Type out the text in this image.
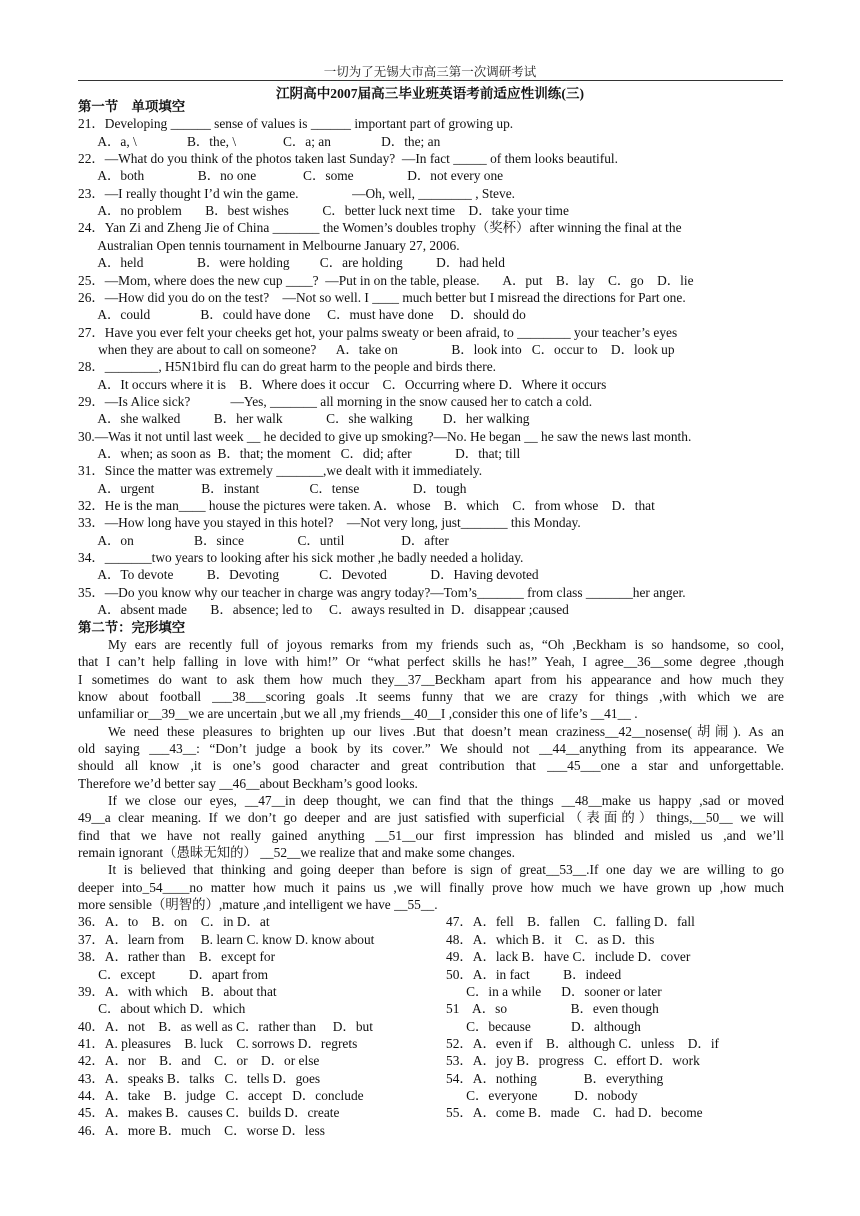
一切为了无锡大市高三第一次调研考试
江阴高中2007届高三毕业班英语考前适应性训练(三)
第一节　单项填空
21．Developing ______ sense of values is ______ important part of growing up.
A．a, \               B．the, \              C．a; an               D．the; an
22．—What do you think of the photos taken last Sunday?  —In fact _____ of them looks beautiful.
A．both                B．no one              C．some                D．not every one
23．—I really thought I’d win the game.                —Oh, well, ________ , Steve.
A．no problem       B．best wishes          C．better luck next time    D．take your time
24．Yan Zi and Zheng Jie of China _______ the Women’s doubles trophy（奖杯）after winning the final at the
Australian Open tennis tournament in Melbourne January 27, 2006.
A．held                B．were holding         C．are holding          D．had held
25．—Mom, where does the new cup ____?  —Put in on the table, please.       A．put    B．lay    C．go    D．lie
26．—How did you do on the test?    —Not so well. I ____ much better but I misread the directions for Part one.
A．could               B．could have done     C．must have done     D．should do
27．Have you ever felt your cheeks get hot, your palms sweaty or been afraid, to ________ your teacher’s eyes
when they are about to call on someone?      A．take on                B．look into   C．occur to    D．look up
28．________, H5N1bird flu can do great harm to the people and birds there.
A．It occurs where it is    B．Where does it occur    C．Occurring where D．Where it occurs
29．—Is Alice sick?            —Yes, _______ all morning in the snow caused her to catch a cold.
A．she walked          B．her walk             C．she walking         D．her walking
30.—Was it not until last week __ he decided to give up smoking?—No. He began __ he saw the news last month.
A．when; as soon as  B．that; the moment   C．did; after             D．that; till
31．Since the matter was extremely _______,we dealt with it immediately.
A．urgent              B．instant               C．tense                D．tough
32．He is the man____ house the pictures were taken. A．whose    B．which    C．from whose    D．that
33．—How long have you stayed in this hotel?    —Not very long, just_______ this Monday.
A．on                  B．since                C．until                 D．after
34．_______two years to looking after his sick mother ,he badly needed a holiday.
A．To devote          B．Devoting            C．Devoted             D．Having devoted
35．—Do you know why our teacher in charge was angry today?—Tom’s_______ from class _______her anger.
A．absent made       B．absence; led to     C．aways resulted in  D．disappear ;caused
第二节：完形填空
My ears are recently full of joyous remarks from my friends such as, “Oh ,Beckham is so handsome, so cool,
that I can’t help falling in love with him!” Or “what perfect skills he has!” Yeah, I agree__36__some degree ,though
I sometimes do want to ask them how much they__37__Beckham apart from his appearance and how much they
know about football ___38___scoring goals .It seems funny that we are crazy for things ,with which we are
unfamiliar or__39__we are uncertain ,but we all ,my friends__40__I ,consider this one of life’s __41__ .
We need these pleasures to brighten up our lives .But that doesn’t mean craziness__42__nosense(胡闹). As an
old saying ___43__: “Don’t judge a book by its cover.” We should not __44__anything from its appearance. We
should all know ,it is one’s good character and great contribution that ___45___one a star and unforgettable.
Therefore we’d better say __46__about Beckham’s good looks.
If we close our eyes, __47__in deep thought, we can find that the things __48__make us happy ,sad or moved
49__a clear meaning. If we don’t go deeper and are just satisfied with superficial（表面的）things,__50__ we will
find that we have not really gained anything __51__our first impression has blinded and misled us ,and we’ll
remain ignorant（愚昧无知的） __52__we realize that and make some changes.
It is believed that thinking and going deeper than before is sign of great__53__.If one day we are willing to go
deeper into_54____no matter how much it pains us ,we will finally prove how much we have grown up ,how much
more sensible（明智的）,mature ,and intelligent we have __55__.
36．A．to    B．on    C．in D．at
37．A．learn from     B. learn C. know D. know about
38．A．rather than    B．except for
C．except          D．apart from
39．A．with which    B．about that
C．about which D．which
40．A．not    B．as well as C．rather than     D．but
41．A. pleasures    B. luck    C. sorrows D．regrets
42．A．nor    B．and    C．or    D．or else
43．A．speaks B．talks   C．tells D．goes
44．A．take    B．judge   C．accept   D．conclude
45．A．makes B．causes C．builds D．create
46．A．more B．much    C．worse D．less
47．A．fell    B．fallen    C．falling D．fall
48．A．which B．it    C．as D．this
49．A．lack B．have C．include D．cover
50．A．in fact          B．indeed
C．in a while      D．sooner or later
51    A．so                   B．even though
C．because            D．although
52．A．even if    B．although C．unless    D．if
53．A．joy B．progress   C．effort D．work
54．A．nothing              B．everything
C．everyone           D．nobody
55．A．come B．made    C．had D．become
